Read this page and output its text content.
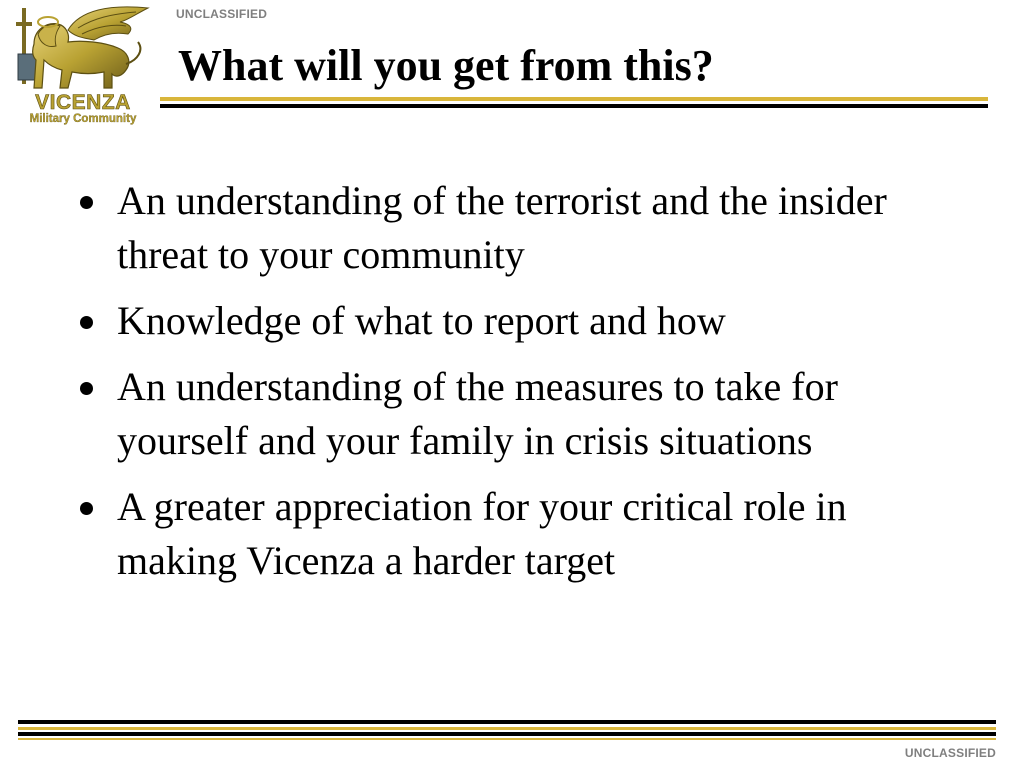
UNCLASSIFIED
VICENZA
Military Community
What will you get from this?
An understanding of the terrorist and the insider threat to your community
Knowledge of what to report and how
An understanding of the measures to take for yourself and your family in crisis situations
A greater appreciation for your critical role in making Vicenza a harder target
UNCLASSIFIED
